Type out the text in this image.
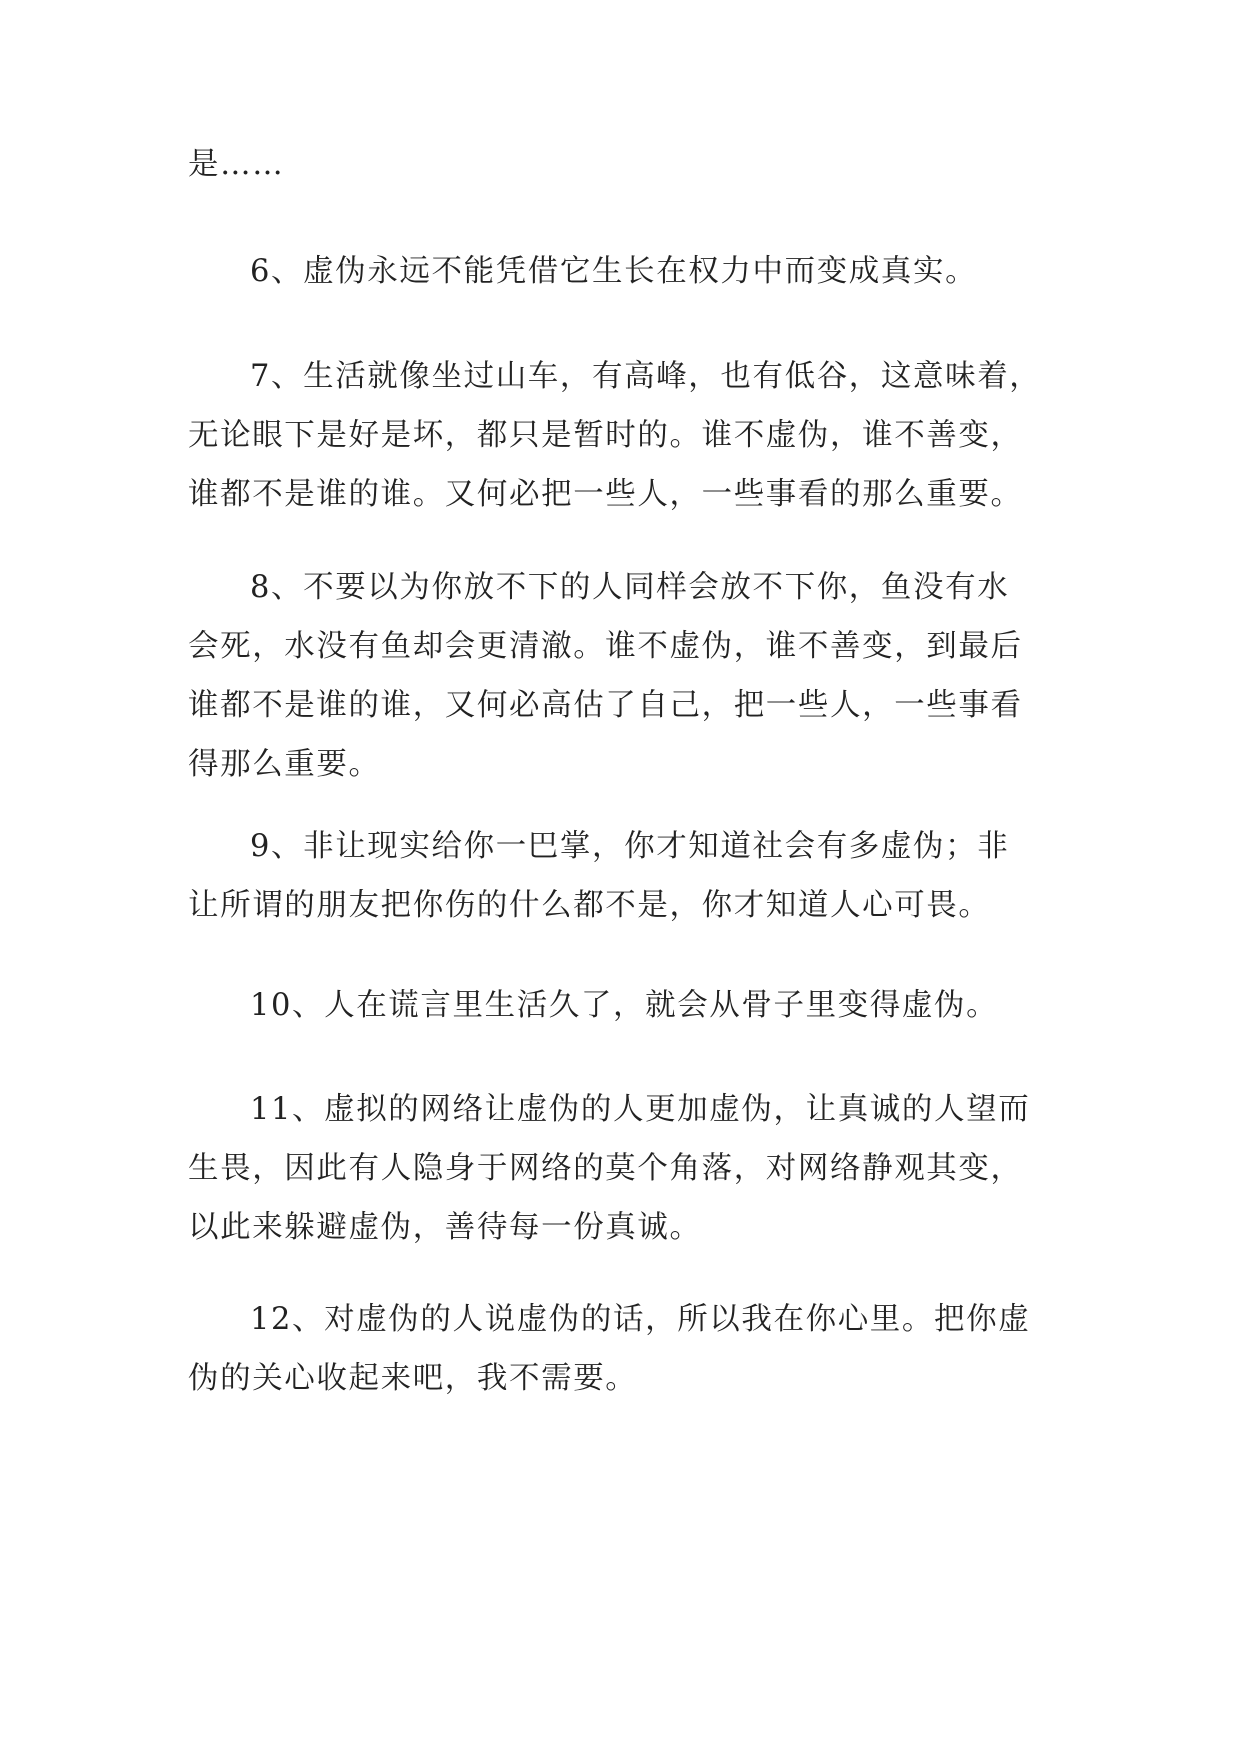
是……

6、虚伪永远不能凭借它生长在权力中而变成真实。

7、生活就像坐过山车，有高峰，也有低谷，这意味着，
无论眼下是好是坏，都只是暂时的。谁不虚伪，谁不善变，
谁都不是谁的谁。又何必把一些人，一些事看的那么重要。

8、不要以为你放不下的人同样会放不下你，鱼没有水
会死，水没有鱼却会更清澈。谁不虚伪，谁不善变，到最后
谁都不是谁的谁，又何必高估了自己，把一些人，一些事看
得那么重要。

9、非让现实给你一巴掌，你才知道社会有多虚伪；非
让所谓的朋友把你伤的什么都不是，你才知道人心可畏。

10、人在谎言里生活久了，就会从骨子里变得虚伪。

11、虚拟的网络让虚伪的人更加虚伪，让真诚的人望而
生畏，因此有人隐身于网络的莫个角落，对网络静观其变，
以此来躲避虚伪，善待每一份真诚。

12、对虚伪的人说虚伪的话，所以我在你心里。把你虚
伪的关心收起来吧，我不需要。
